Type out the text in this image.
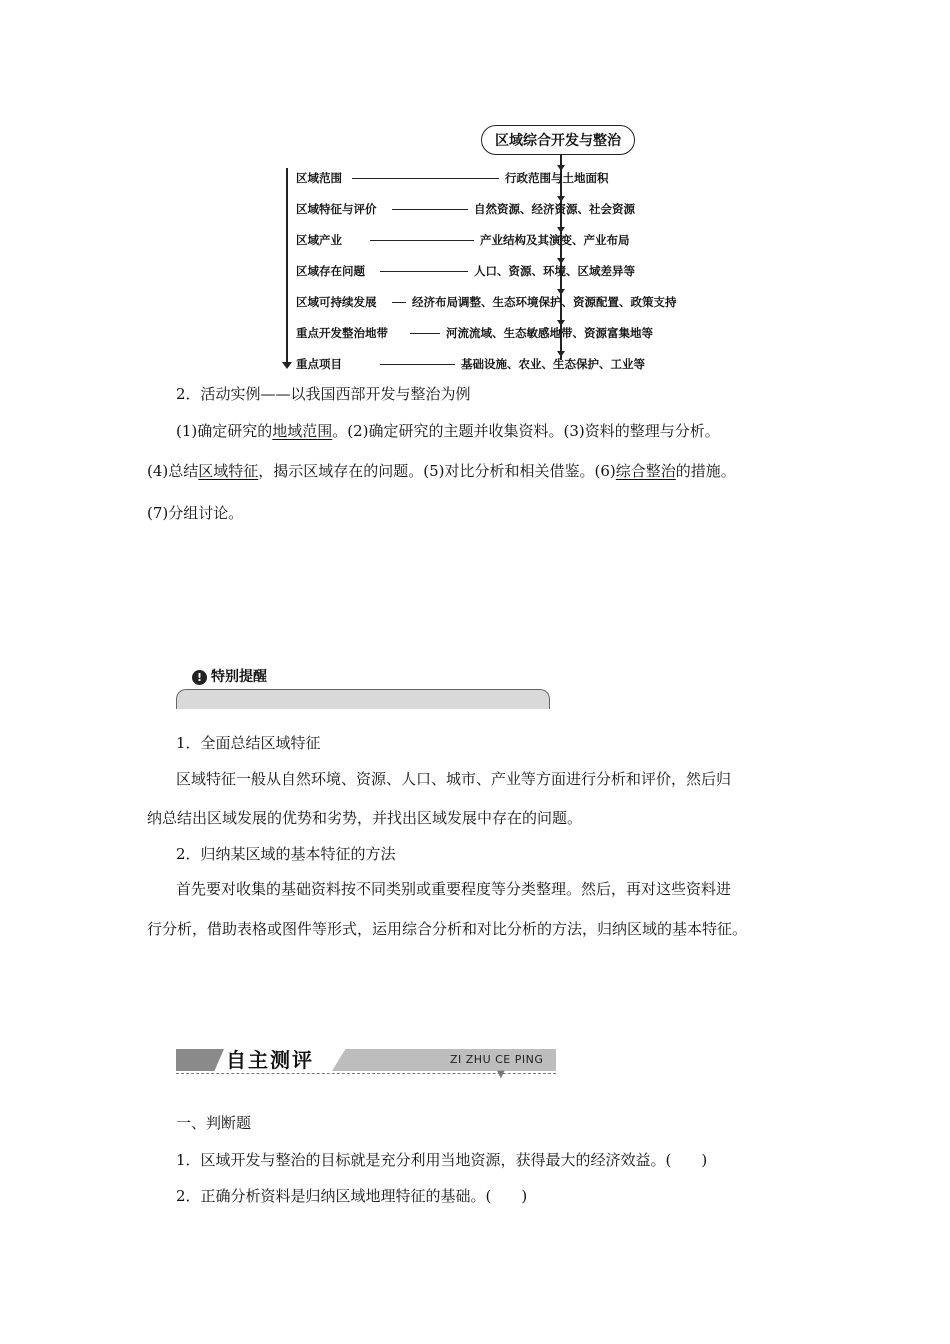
区域综合开发与整治
区域范围	行政范围与土地面积
区域特征与评价	自然资源、经济资源、社会资源
区域产业	产业结构及其演变、产业布局
区域存在问题	人口、资源、环境、区域差异等
区域可持续发展	经济布局调整、生态环境保护、资源配置、政策支持
重点开发整治地带	河流流域、生态敏感地带、资源富集地等
重点项目	基础设施、农业、生态保护、工业等
2．活动实例——以我国西部开发与整治为例
(1)确定研究的地域范围。(2)确定研究的主题并收集资料。(3)资料的整理与分析。
(4)总结区域特征，揭示区域存在的问题。(5)对比分析和相关借鉴。(6)综合整治的措施。
(7)分组讨论。
! 特别提醒
1．全面总结区域特征
区域特征一般从自然环境、资源、人口、城市、产业等方面进行分析和评价，然后归
纳总结出区域发展的优势和劣势，并找出区域发展中存在的问题。
2．归纳某区域的基本特征的方法
首先要对收集的基础资料按不同类别或重要程度等分类整理。然后，再对这些资料进
行分析，借助表格或图件等形式，运用综合分析和对比分析的方法，归纳区域的基本特征。
自主测评	ZI ZHU CE PING
▼
一、判断题
1．区域开发与整治的目标就是充分利用当地资源，获得最大的经济效益。(　　)
2．正确分析资料是归纳区域地理特征的基础。(　　)
